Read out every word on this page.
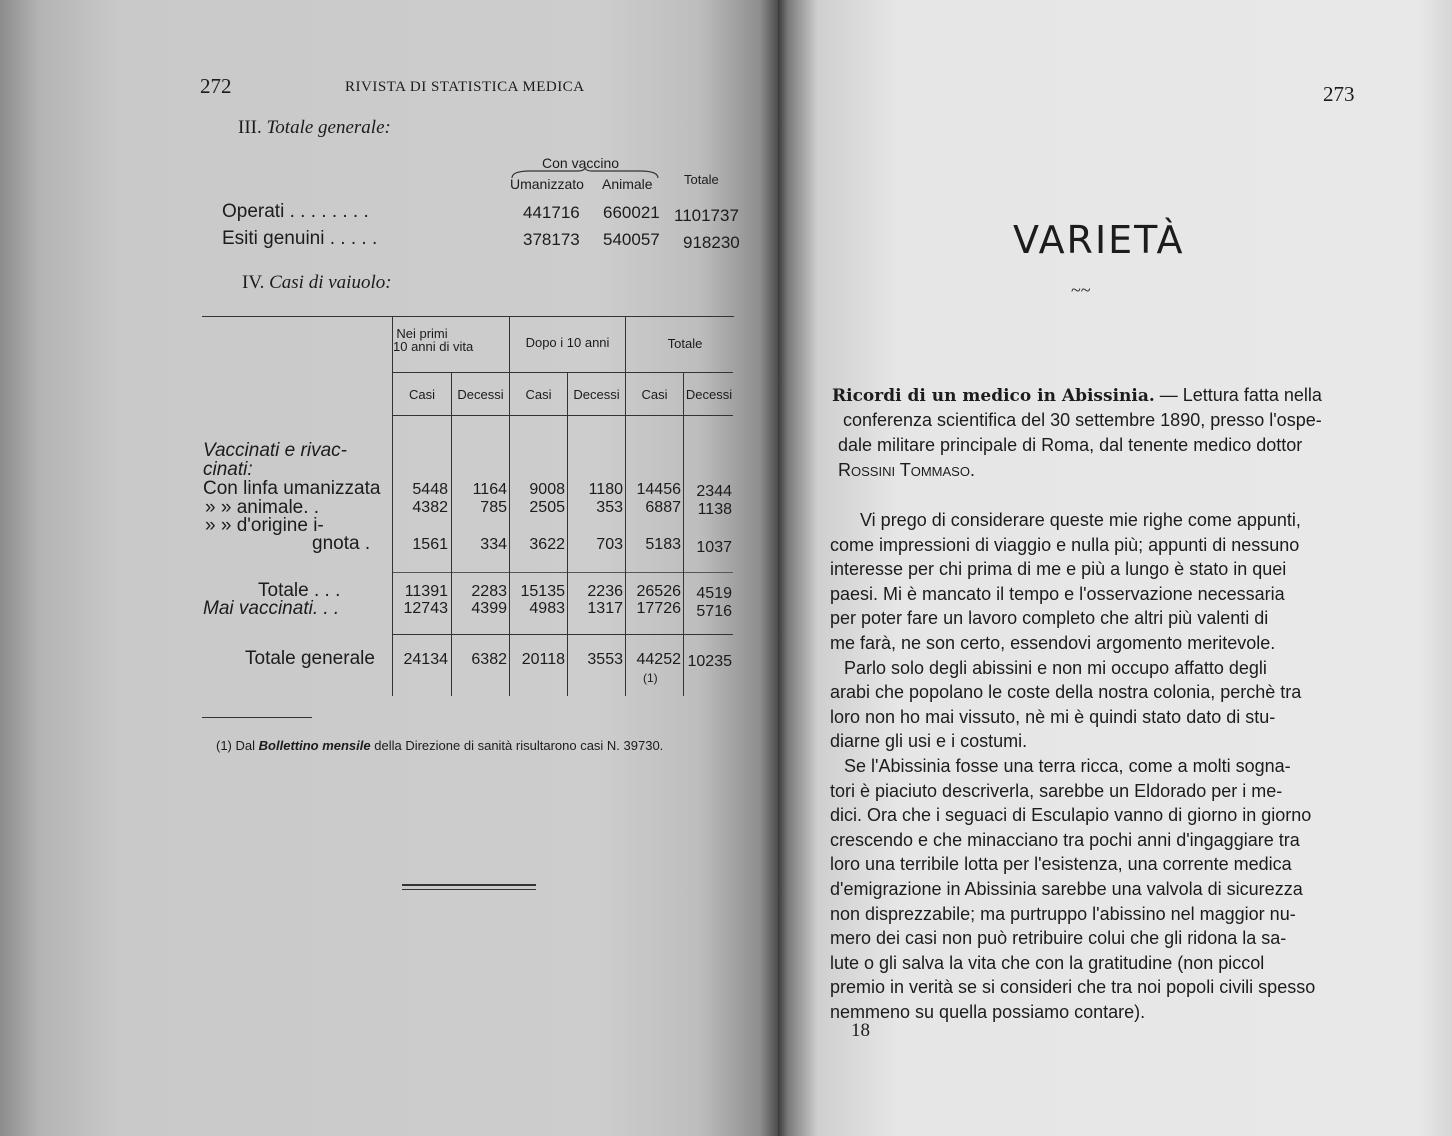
272	RIVISTA DI STATISTICA MEDICA
III. Totale generale:
Con vaccino
Umanizzato Animale Totale
Operati . . . . . . . .	441716 660021 1101737
Esiti genuini . . . . .	378173 540057 918230
IV. Casi di vaiuolo:
Nei primi
10 anni di vita	Dopo i 10 anni	Totale
Casi	Decessi	Casi	Decessi	Casi	Decessi
Vaccinati e rivac-
cinati:
Con linfa umanizzata	5448	1164	9008	1180 14456 2344
» » animale. .	4382	785	2505	353	6887	1138
» » d'origine i-
gnota .	1561	334	3622	703	5183 1037
Totale . . .	11391	2283 15135	2236 26526 4519
Mai vaccinati. . .	12743	4399	4983	1317 17726 5716
Totale generale	24134	6382 20118	3553 44252 10235
(1)
(1) Dal Bollettino mensile della Direzione di sanità risultarono casi N. 39730.
273
VARIETÀ
~~
Ricordi di un medico in Abissinia. — Lettura fatta nella
conferenza scientifica del 30 settembre 1890, presso l'ospe-
dale militare principale di Roma, dal tenente medico dottor
Rossini Tommaso.
Vi prego di considerare queste mie righe come appunti,
come impressioni di viaggio e nulla più; appunti di nessuno
interesse per chi prima di me e più a lungo è stato in quei
paesi. Mi è mancato il tempo e l'osservazione necessaria
per poter fare un lavoro completo che altri più valenti di
me farà, ne son certo, essendovi argomento meritevole.
Parlo solo degli abissini e non mi occupo affatto degli
arabi che popolano le coste della nostra colonia, perchè tra
loro non ho mai vissuto, nè mi è quindi stato dato di stu-
diarne gli usi e i costumi.
Se l'Abissinia fosse una terra ricca, come a molti sogna-
tori è piaciuto descriverla, sarebbe un Eldorado per i me-
dici. Ora che i seguaci di Esculapio vanno di giorno in giorno
crescendo e che minacciano tra pochi anni d'ingaggiare tra
loro una terribile lotta per l'esistenza, una corrente medica
d'emigrazione in Abissinia sarebbe una valvola di sicurezza
non disprezzabile; ma purtruppo l'abissino nel maggior nu-
mero dei casi non può retribuire colui che gli ridona la sa-
lute o gli salva la vita che con la gratitudine (non piccol
premio in verità se si consideri che tra noi popoli civili spesso
nemmeno su quella possiamo contare).
18
